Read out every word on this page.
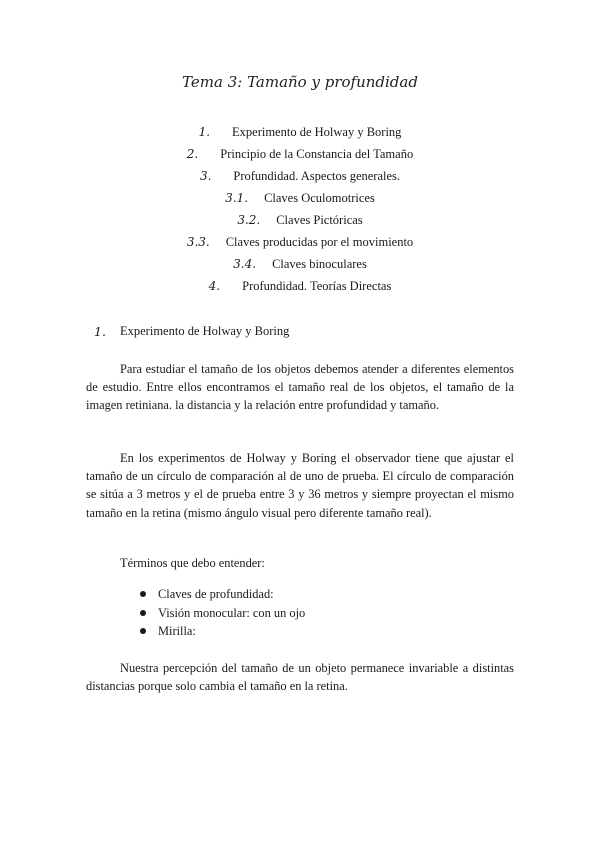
Tema 3: Tamaño y profundidad
1. Experimento de Holway y Boring
2. Principio de la Constancia del Tamaño
3. Profundidad. Aspectos generales.
3.1. Claves Oculomotrices
3.2. Claves Pictóricas
3.3. Claves producidas por el movimiento
3.4. Claves binoculares
4. Profundidad. Teorías Directas
1.	Experimento de Holway y Boring

Para estudiar el tamaño de los objetos debemos atender a diferentes elementos de estudio. Entre ellos encontramos el tamaño real de los objetos, el tamaño de la imagen retiniana. la distancia y la relación entre profundidad y tamaño.

En los experimentos de Holway y Boring el observador tiene que ajustar el tamaño de un círculo de comparación al de uno de prueba. El círculo de comparación se sitúa a 3 metros y el de prueba entre 3 y 36 metros y siempre proyectan el mismo tamaño en la retina (mismo ángulo visual pero diferente tamaño real).

Términos que debo entender:

Claves de profundidad:
Visión monocular: con un ojo
Mirilla:

Nuestra percepción del tamaño de un objeto permanece invariable a distintas distancias porque solo cambia el tamaño en la retina.
